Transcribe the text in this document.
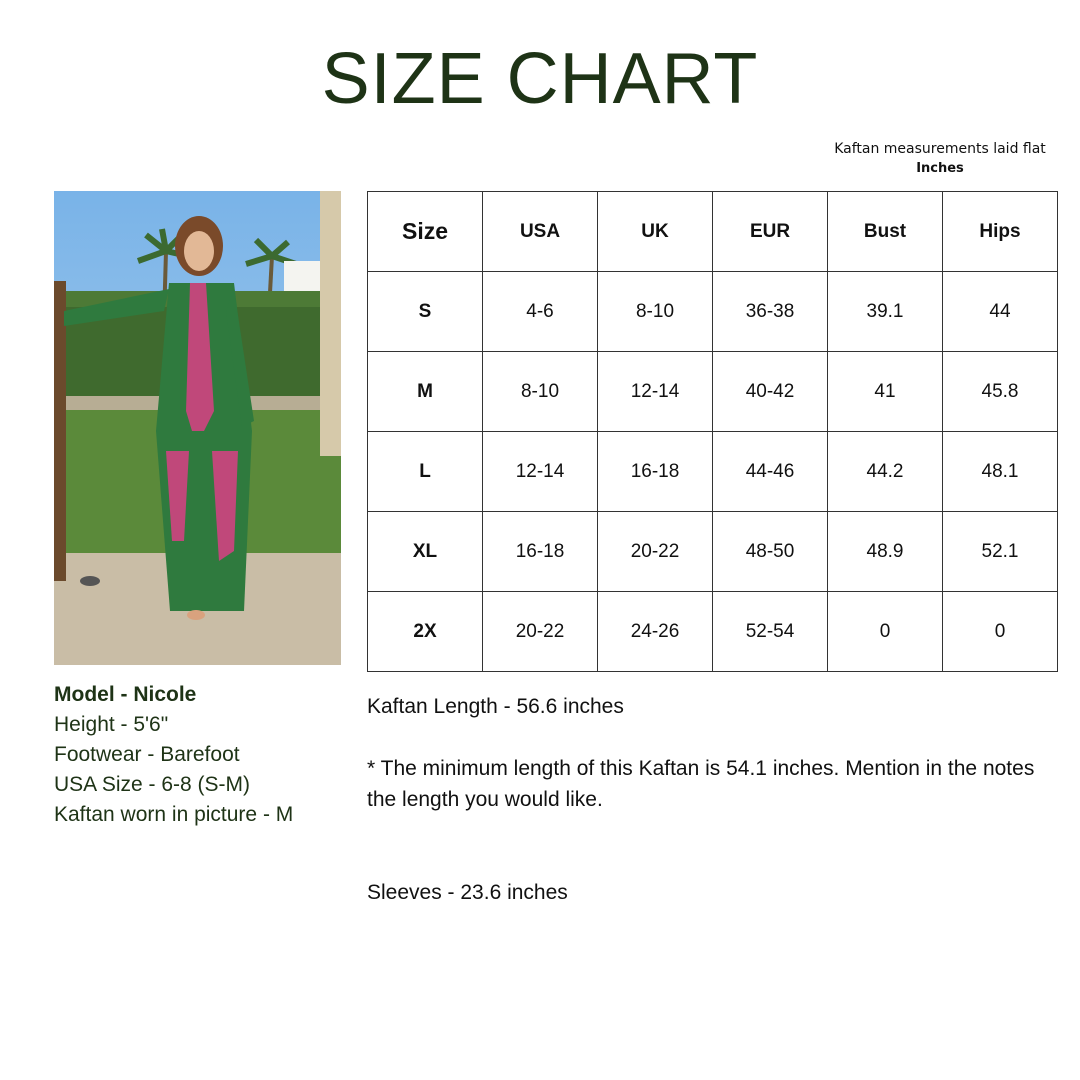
SIZE CHART
Kaftan measurements laid flat
Inches
Model - Nicole
Height - 5'6"
Footwear - Barefoot
USA Size - 6-8 (S-M)
Kaftan worn in picture - M
Size	USA	UK	EUR	Bust	Hips
S	4-6	8-10	36-38	39.1	44
M	8-10	12-14	40-42	41	45.8
L	12-14	16-18	44-46	44.2	48.1
XL	16-18	20-22	48-50	48.9	52.1
2X	20-22	24-26	52-54	0	0
Kaftan Length - 56.6 inches
* The minimum length of this Kaftan is 54.1 inches. Mention in the notes the length you would like.
Sleeves - 23.6 inches
